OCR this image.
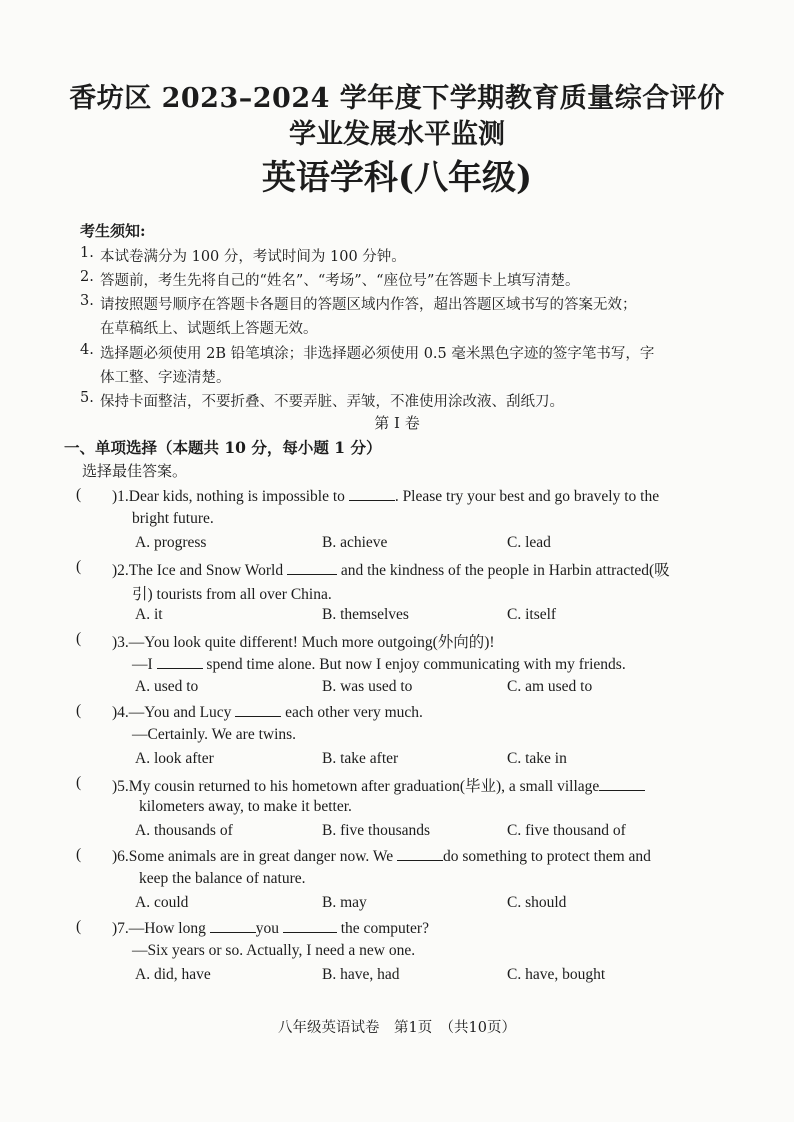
香坊区 2023–2024 学年度下学期教育质量综合评价
学业发展水平监测
英语学科(八年级)
考生须知:
1. 本试卷满分为 100 分，考试时间为 100 分钟。
2. 答题前，考生先将自己的“姓名”、“考场”、“座位号”在答题卡上填写清楚。
3. 请按照题号顺序在答题卡各题目的答题区域内作答，超出答题区域书写的答案无效；
在草稿纸上、试题纸上答题无效。
4. 选择题必须使用 2B 铅笔填涂；非选择题必须使用 0.5 毫米黑色字迹的签字笔书写，字
体工整、字迹清楚。
5. 保持卡面整洁，不要折叠、不要弄脏、弄皱，不准使用涂改液、刮纸刀。
第 I 卷
一、单项选择（本题共 10 分，每小题 1 分）
选择最佳答案。
( )1.Dear kids, nothing is impossible to	. Please try your best and go bravely to the
bright future.
A. progress	B. achieve	C. lead
( )2.The Ice and Snow World	and the kindness of the people in Harbin attracted(吸
引) tourists from all over China.
A. it	B. themselves	C. itself
( )3.—You look quite different! Much more outgoing(外向的)!
—I	spend time alone. But now I enjoy communicating with my friends.
A. used to	B. was used to	C. am used to
( )4.—You and Lucy	each other very much.
—Certainly. We are twins.
A. look after	B. take after	C. take in
( )5.My cousin returned to his hometown after graduation(毕业), a small village
kilometers away, to make it better.
A. thousands of	B. five thousands	C. five thousand of
( )6.Some animals are in great danger now. We	do something to protect them and
keep the balance of nature.
A. could	B. may	C. should
( )7.—How long	you	the computer?
—Six years or so. Actually, I need a new one.
A. did, have	B. have, had	C. have, bought
八年级英语试卷　第1页　（共10页）
